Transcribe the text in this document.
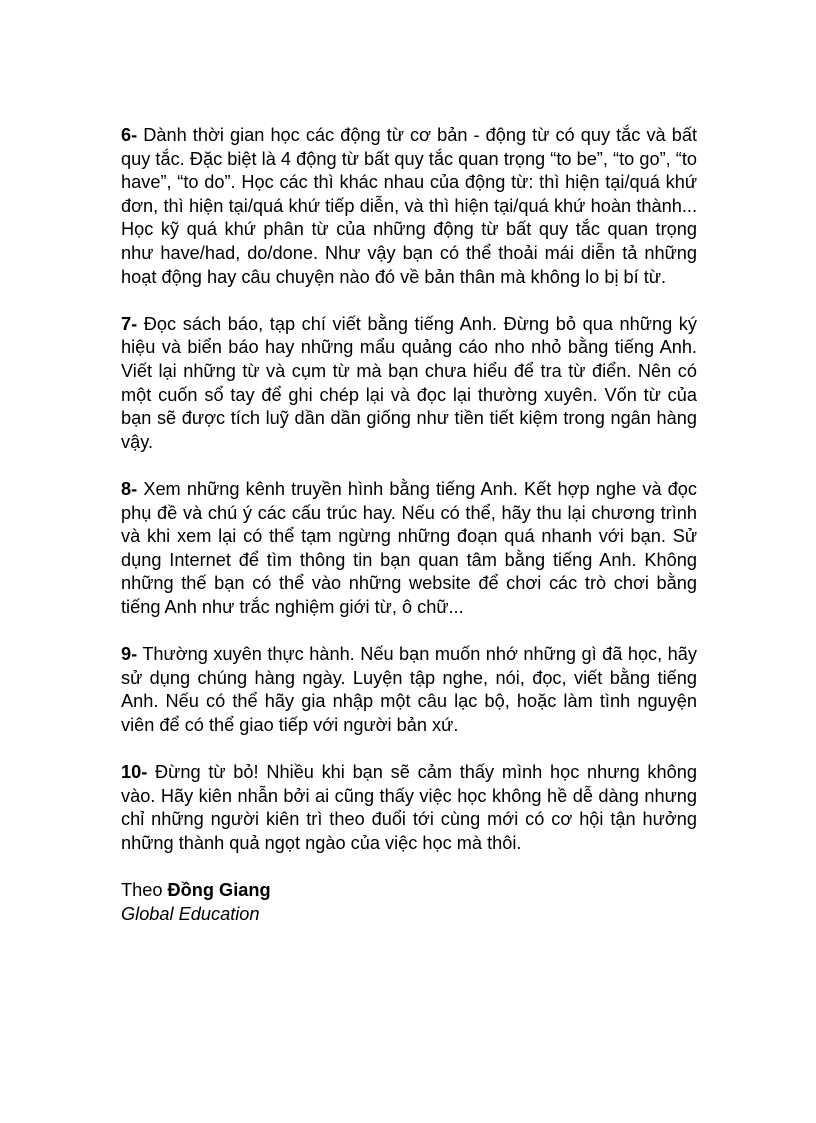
6- Dành thời gian học các động từ cơ bản - động từ có quy tắc và bất quy tắc. Đặc biệt là 4 động từ bất quy tắc quan trọng “to be”, “to go”, “to have”, “to do”. Học các thì khác nhau của động từ: thì hiện tại/quá khứ đơn, thì hiện tại/quá khứ tiếp diễn, và thì hiện tại/quá khứ hoàn thành... Học kỹ quá khứ phân từ của những động từ bất quy tắc quan trọng như have/had, do/done. Như vậy bạn có thể thoải mái diễn tả những hoạt động hay câu chuyện nào đó về bản thân mà không lo bị bí từ.

7- Đọc sách báo, tạp chí viết bằng tiếng Anh. Đừng bỏ qua những ký hiệu và biển báo hay những mẩu quảng cáo nho nhỏ bằng tiếng Anh. Viết lại những từ và cụm từ mà bạn chưa hiểu để tra từ điển. Nên có một cuốn sổ tay để ghi chép lại và đọc lại thường xuyên. Vốn từ của bạn sẽ được tích luỹ dần dần giống như tiền tiết kiệm trong ngân hàng vậy.

8- Xem những kênh truyền hình bằng tiếng Anh. Kết hợp nghe và đọc phụ đề và chú ý các cấu trúc hay. Nếu có thể, hãy thu lại chương trình và khi xem lại có thể tạm ngừng những đoạn quá nhanh với bạn. Sử dụng Internet để tìm thông tin bạn quan tâm bằng tiếng Anh. Không những thế bạn có thể vào những website để chơi các trò chơi bằng tiếng Anh như trắc nghiệm giới từ, ô chữ...

9- Thường xuyên thực hành. Nếu bạn muốn nhớ những gì đã học, hãy sử dụng chúng hàng ngày. Luyện tập nghe, nói, đọc, viết bằng tiếng Anh. Nếu có thể hãy gia nhập một câu lạc bộ, hoặc làm tình nguyện viên để có thể giao tiếp với người bản xứ.

10- Đừng từ bỏ! Nhiều khi bạn sẽ cảm thấy mình học nhưng không vào. Hãy kiên nhẫn bởi ai cũng thấy việc học không hề dễ dàng nhưng chỉ những người kiên trì theo đuổi tới cùng mới có cơ hội tận hưởng những thành quả ngọt ngào của việc học mà thôi.

Theo Đồng Giang

Global Education
